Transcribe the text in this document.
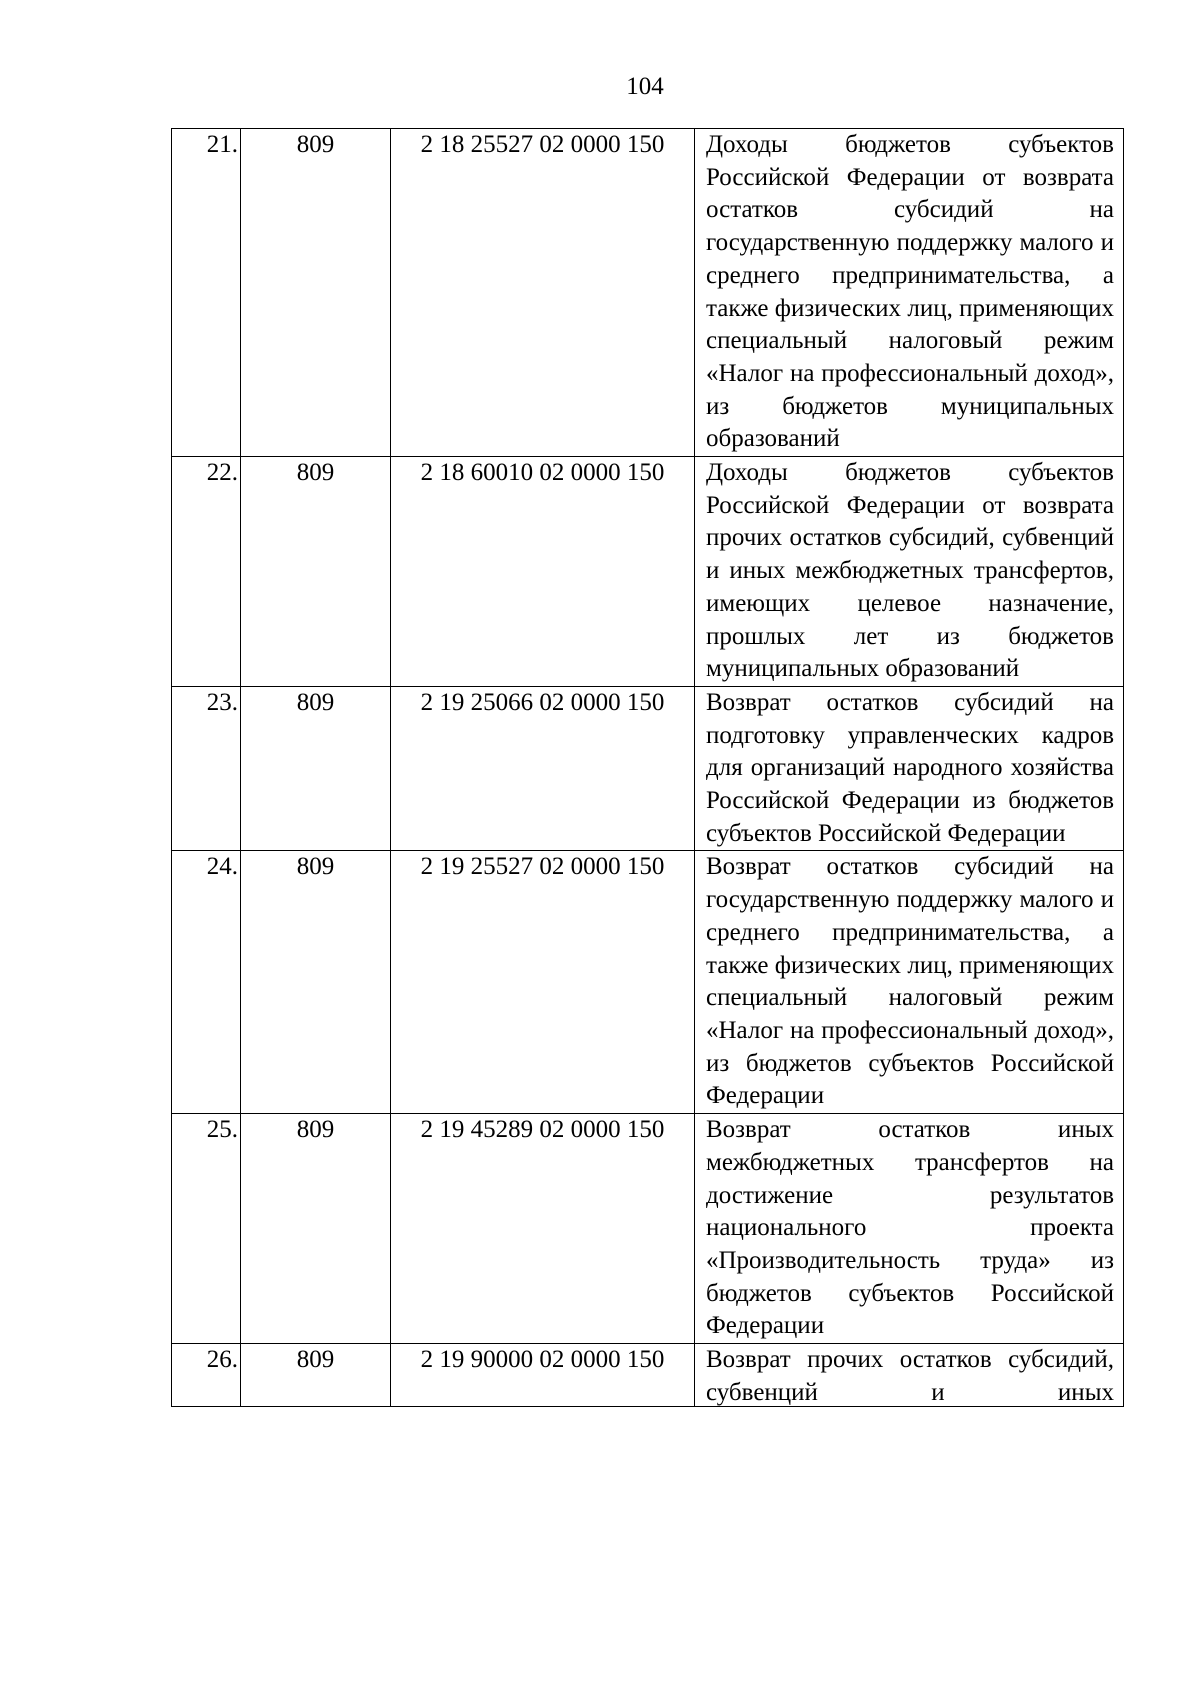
104
21.	809	2 18 25527 02 0000 150	Доходы бюджетов субъектов Российской Федерации от возврата остатков субсидий на государственную поддержку малого и среднего предпринимательства, а также физических лиц, применяющих специальный налоговый режим «Налог на профессиональный доход», из бюджетов муниципальных образований

22.	809	2 18 60010 02 0000 150	Доходы бюджетов субъектов Российской Федерации от возврата прочих остатков субсидий, субвенций и иных межбюджетных трансфертов, имеющих целевое назначение, прошлых лет из бюджетов муниципальных образований

23.	809	2 19 25066 02 0000 150	Возврат остатков субсидий на подготовку управленческих кадров для организаций народного хозяйства Российской Федерации из бюджетов субъектов Российской Федерации

24.	809	2 19 25527 02 0000 150	Возврат остатков субсидий на государственную поддержку малого и среднего предпринимательства, а также физических лиц, применяющих специальный налоговый режим «Налог на профессиональный доход», из бюджетов субъектов Российской Федерации

25.	809	2 19 45289 02 0000 150	Возврат остатков иных межбюджетных трансфертов на достижение результатов национального проекта «Производительность труда» из бюджетов субъектов Российской Федерации

26.	809	2 19 90000 02 0000 150	Возврат прочих остатков субсидий, субвенций и иных
